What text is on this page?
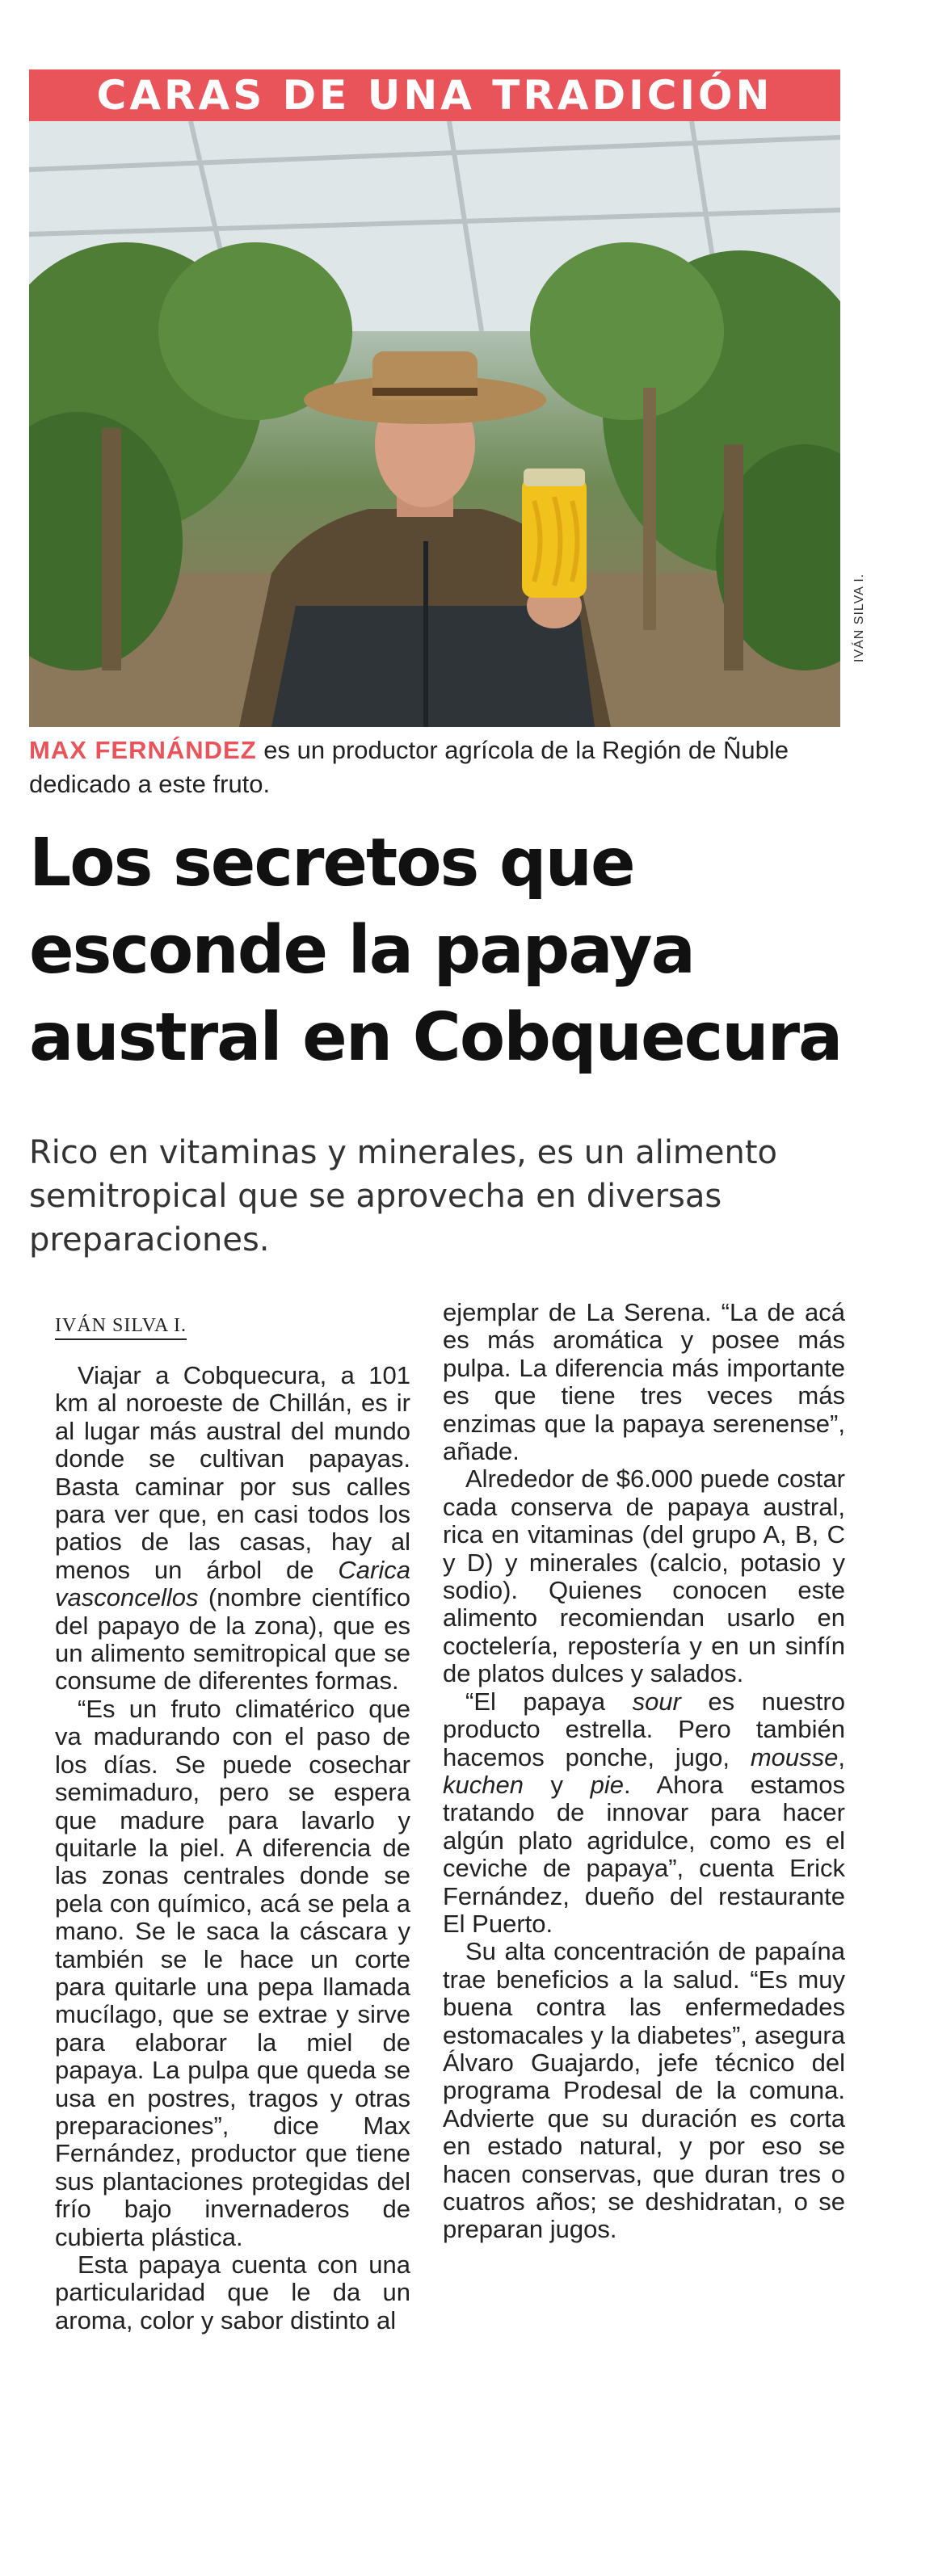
CARAS DE UNA TRADICIÓN
IVÁN SILVA I.
MAX FERNÁNDEZ es un productor agrícola de la Región de Ñuble dedicado a este fruto.
Los secretos que esconde la papaya austral en Cobquecura
Rico en vitaminas y minerales, es un alimento semitropical que se aprovecha en diversas preparaciones.
IVÁN SILVA I.

Viajar a Cobquecura, a 101 km al noroeste de Chillán, es ir al lugar más austral del mundo donde se cultivan papayas. Basta caminar por sus calles para ver que, en casi todos los patios de las casas, hay al menos un árbol de Carica vasconcellos (nombre científico del papayo de la zona), que es un alimento semitropical que se consume de diferentes formas.

“Es un fruto climatérico que va madurando con el paso de los días. Se puede cosechar semimaduro, pero se espera que madure para lavarlo y quitarle la piel. A diferencia de las zonas centrales donde se pela con químico, acá se pela a mano. Se le saca la cáscara y también se le hace un corte para quitarle una pepa llamada mucílago, que se extrae y sirve para elaborar la miel de papaya. La pulpa que queda se usa en postres, tragos y otras preparaciones”, dice Max Fernández, productor que tiene sus plantaciones protegidas del frío bajo invernaderos de cubierta plástica.

Esta papaya cuenta con una particularidad que le da un aroma, color y sabor distinto al

ejemplar de La Serena. “La de acá es más aromática y posee más pulpa. La diferencia más importante es que tiene tres veces más enzimas que la papaya serenense”, añade.

Alrededor de $6.000 puede costar cada conserva de papaya austral, rica en vitaminas (del grupo A, B, C y D) y minerales (calcio, potasio y sodio). Quienes conocen este alimento recomiendan usarlo en coctelería, repostería y en un sinfín de platos dulces y salados.

“El papaya sour es nuestro producto estrella. Pero también hacemos ponche, jugo, mousse, kuchen y pie. Ahora estamos tratando de innovar para hacer algún plato agridulce, como es el ceviche de papaya”, cuenta Erick Fernández, dueño del restaurante El Puerto.

Su alta concentración de papaína trae beneficios a la salud. “Es muy buena contra las enfermedades estomacales y la diabetes”, asegura Álvaro Guajardo, jefe técnico del programa Prodesal de la comuna. Advierte que su duración es corta en estado natural, y por eso se hacen conservas, que duran tres o cuatros años; se deshidratan, o se preparan jugos.
